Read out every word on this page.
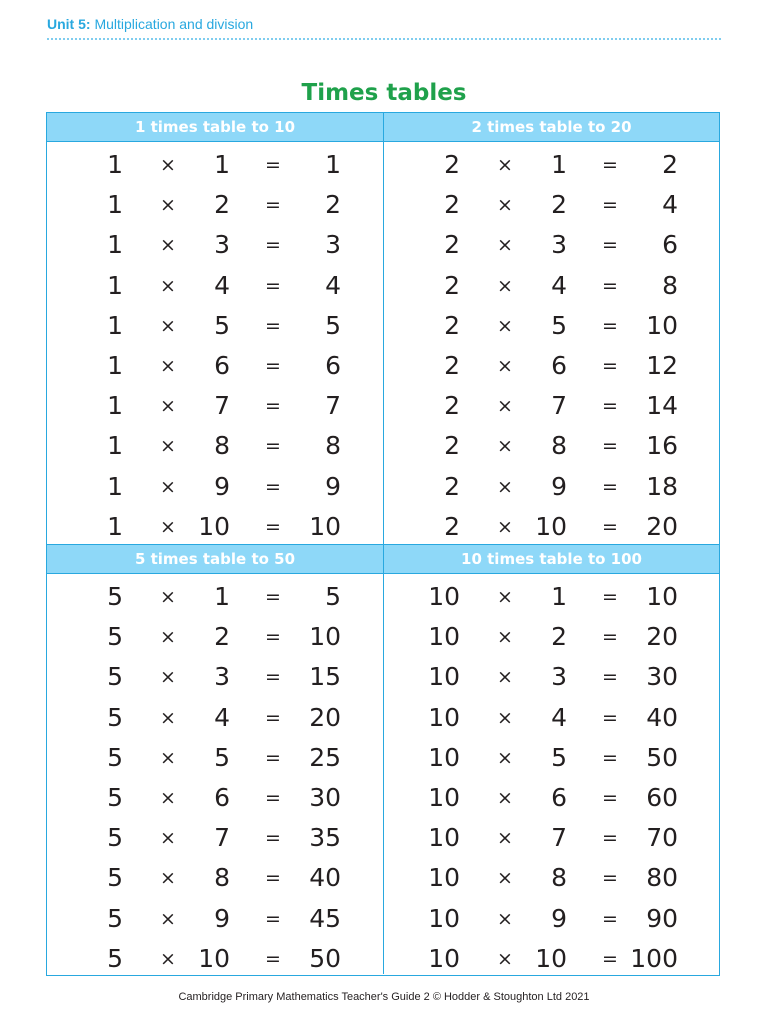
Unit 5: Multiplication and division
Times tables
1 times table to 10
1 ×	1 =	1
1 ×	2 =	2
1 ×	3 =	3
1 ×	4 =	4
1 ×	5 =	5
1 ×	6 =	6
1 ×	7 =	7
1 ×	8 =	8
1 ×	9 =	9
1 × 10 =	10
2 times table to 20
2 ×	1 =	2
2 ×	2 =	4
2 ×	3 =	6
2 ×	4 =	8
2 ×	5 =	10
2 ×	6 =	12
2 ×	7 =	14
2 ×	8 =	16
2 ×	9 =	18
2 × 10 =	20
5 times table to 50
5 ×	1 =	5
5 ×	2 =	10
5 ×	3 =	15
5 ×	4 =	20
5 ×	5 =	25
5 ×	6 =	30
5 ×	7 =	35
5 ×	8 =	40
5 ×	9 =	45
5 × 10 =	50
10 times table to 100
10 ×	1 =	10
10 ×	2 =	20
10 ×	3 =	30
10 ×	4 =	40
10 ×	5 =	50
10 ×	6 =	60
10 ×	7 =	70
10 ×	8 =	80
10 ×	9 =	90
10 × 10 = 100
Cambridge Primary Mathematics Teacher's Guide 2 © Hodder & Stoughton Ltd 2021
